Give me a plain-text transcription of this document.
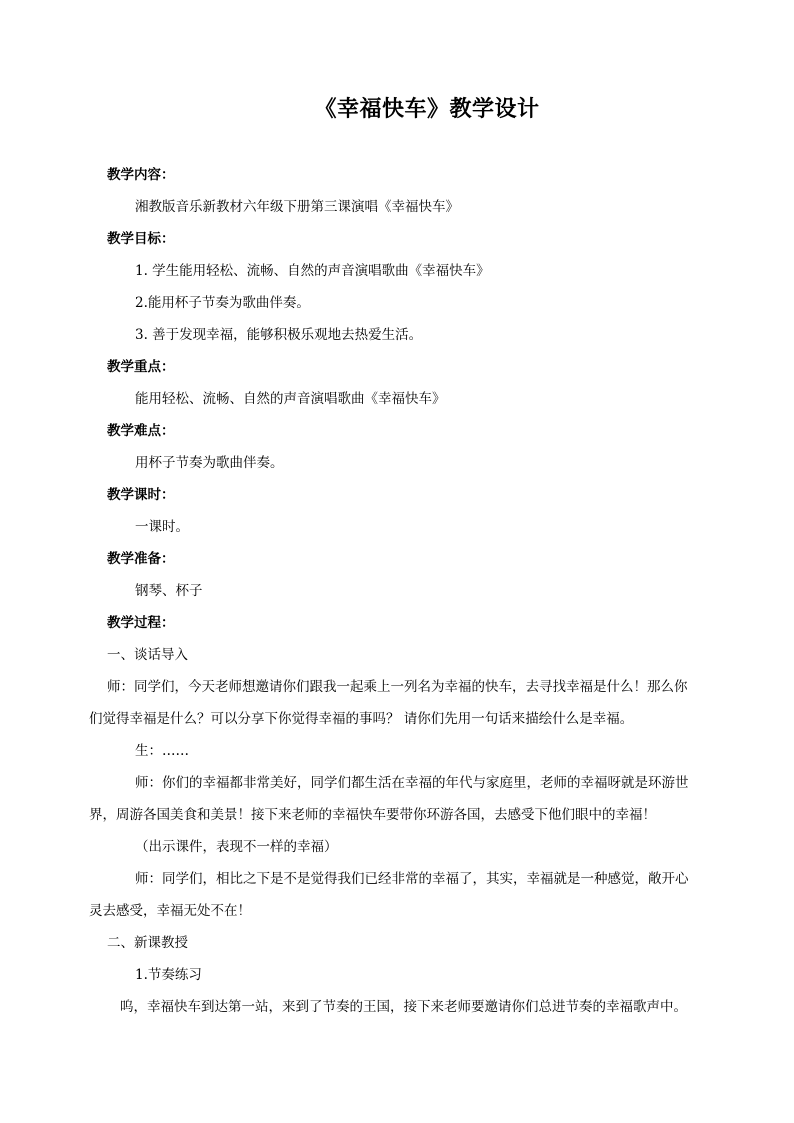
《幸福快车》教学设计
教学内容：
湘教版音乐新教材六年级下册第三课演唱《幸福快车》
教学目标：
1. 学生能用轻松、流畅、自然的声音演唱歌曲《幸福快车》
2.能用杯子节奏为歌曲伴奏。
3. 善于发现幸福，能够积极乐观地去热爱生活。
教学重点：
能用轻松、流畅、自然的声音演唱歌曲《幸福快车》
教学难点：
用杯子节奏为歌曲伴奏。
教学课时：
一课时。
教学准备：
钢琴、杯子
教学过程：
一、谈话导入
师：同学们，今天老师想邀请你们跟我一起乘上一列名为幸福的快车，去寻找幸福是什么！那么你
们觉得幸福是什么？可以分享下你觉得幸福的事吗？ 请你们先用一句话来描绘什么是幸福。
生：……
师：你们的幸福都非常美好，同学们都生活在幸福的年代与家庭里，老师的幸福呀就是环游世
界，周游各国美食和美景！接下来老师的幸福快车要带你环游各国，去感受下他们眼中的幸福！
（出示课件，表现不一样的幸福）
师：同学们，相比之下是不是觉得我们已经非常的幸福了，其实，幸福就是一种感觉，敞开心
灵去感受，幸福无处不在！
二、新课教授
1.节奏练习
呜，幸福快车到达第一站，来到了节奏的王国，接下来老师要邀请你们总进节奏的幸福歌声中。
